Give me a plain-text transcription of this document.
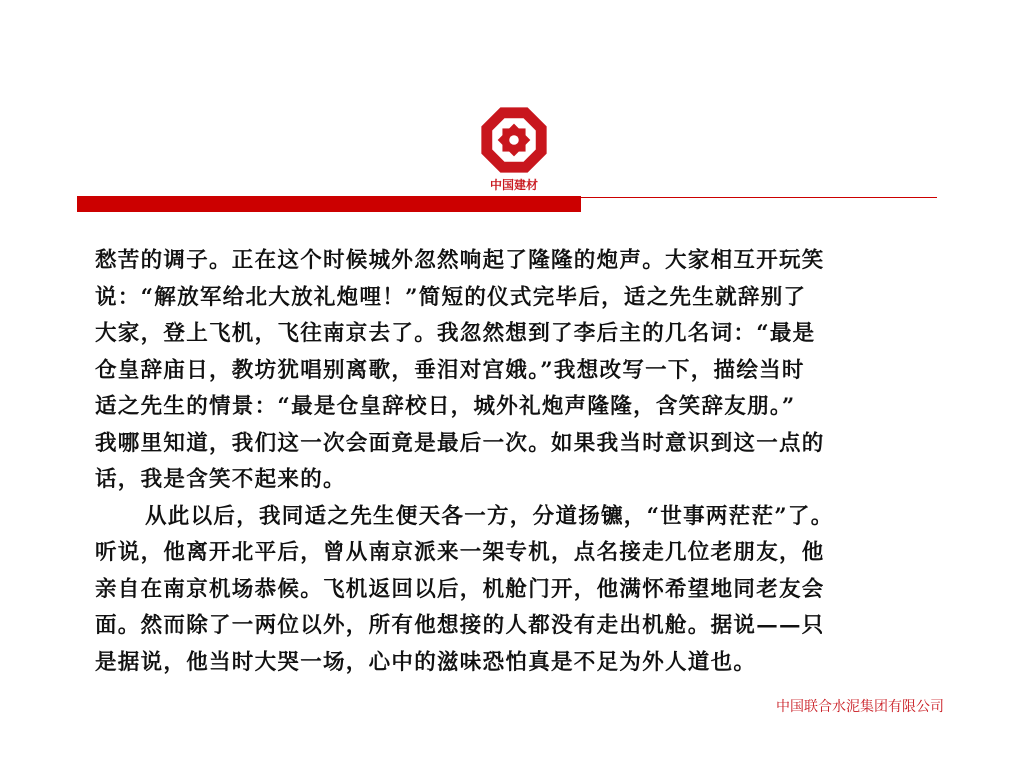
中国建材
愁苦的调子。正在这个时候城外忽然响起了隆隆的炮声。大家相互开玩笑
说：“解放军给北大放礼炮哩！”简短的仪式完毕后，适之先生就辞别了
大家，登上飞机，飞往南京去了。我忽然想到了李后主的几名词：“最是
仓皇辞庙日，教坊犹唱别离歌，垂泪对宫娥。”我想改写一下，描绘当时
适之先生的情景：“最是仓皇辞校日，城外礼炮声隆隆，含笑辞友朋。”
我哪里知道，我们这一次会面竟是最后一次。如果我当时意识到这一点的
话，我是含笑不起来的。
从此以后，我同适之先生便天各一方，分道扬镳，“世事两茫茫”了。
听说，他离开北平后，曾从南京派来一架专机，点名接走几位老朋友，他
亲自在南京机场恭候。飞机返回以后，机舱门开，他满怀希望地同老友会
面。然而除了一两位以外，所有他想接的人都没有走出机舱。据说——只
是据说，他当时大哭一场，心中的滋味恐怕真是不足为外人道也。
中国联合水泥集团有限公司
